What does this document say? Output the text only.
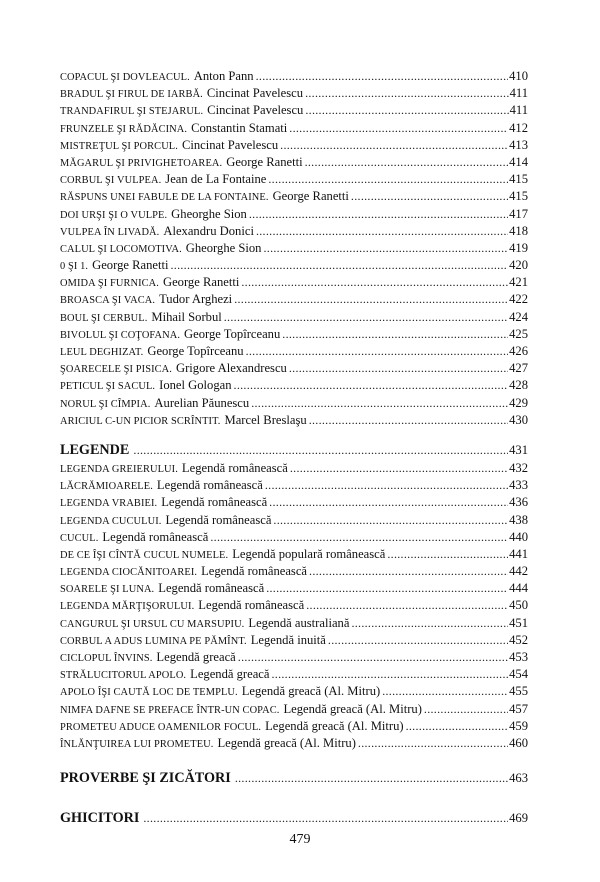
COPACUL ŞI DOVLEACUL. Anton Pann .....	410
BRADUL ŞI FIRUL DE IARBĂ. Cincinat Pavelescu .....	411
TRANDAFIRUL ŞI STEJARUL. Cincinat Pavelescu .....	411
FRUNZELE ŞI RĂDĂCINA. Constantin Stamati .....	412
MISTREŢUL ŞI PORCUL. Cincinat Pavelescu .....	413
MĂGARUL ŞI PRIVIGHETOAREA. George Ranetti .....	414
CORBUL ŞI VULPEA. Jean de La Fontaine .....	415
RĂSPUNS UNEI FABULE DE LA FONTAINE. George Ranetti .....	415
DOI URŞI ŞI O VULPE. Gheorghe Sion .....	417
VULPEA ÎN LIVADĂ. Alexandru Donici .....	418
CALUL ŞI LOCOMOTIVA. Gheorghe Sion .....	419
0 ŞI 1. George Ranetti .....	420
OMIDA ŞI FURNICA. George Ranetti .....	421
BROASCA ŞI VACA. Tudor Arghezi .....	422
BOUL ŞI CERBUL. Mihail Sorbul .....	424
BIVOLUL ŞI COŢOFANA. George Topîrceanu .....	425
LEUL DEGHIZAT. George Topîrceanu .....	426
ŞOARECELE ŞI PISICA. Grigore Alexandrescu .....	427
PETICUL ŞI SACUL. Ionel Gologan .....	428
NORUL ŞI CÎMPIA. Aurelian Păunescu .....	429
ARICIUL C-UN PICIOR SCRÎNTIT. Marcel Breslaşu .....	430
LEGENDE .....	431
LEGENDA GREIERULUI. Legendă românească .....	432
LĂCRĂMIOARELE. Legendă românească .....	433
LEGENDA VRABIEI. Legendă românească .....	436
LEGENDA CUCULUI. Legendă românească .....	438
CUCUL. Legendă românească .....	440
DE CE ÎŞI CÎNTĂ CUCUL NUMELE. Legendă populară românească .....	441
LEGENDA CIOCĂNITOAREI. Legendă românească .....	442
SOARELE ŞI LUNA. Legendă românească .....	444
LEGENDA MĂRŢIŞORULUI. Legendă românească .....	450
CANGURUL ŞI URSUL CU MARSUPIU. Legendă australiană .....	451
CORBUL A ADUS LUMINA PE PĂMÎNT. Legendă inuită .....	452
CICLOPUL ÎNVINS. Legendă greacă .....	453
STRĂLUCITORUL APOLO. Legendă greacă .....	454
APOLO ÎŞI CAUTĂ LOC DE TEMPLU. Legendă greacă (Al. Mitru) .....	455
NIMFA DAFNE SE PREFACE ÎNTR-UN COPAC. Legendă greacă (Al. Mitru) .....	457
PROMETEU ADUCE OAMENILOR FOCUL. Legendă greacă (Al. Mitru) .....	459
ÎNLĂNŢUIREA LUI PROMETEU. Legendă greacă (Al. Mitru) .....	460
PROVERBE ŞI ZICĂTORI .....	463
GHICITORI .....	469
479
